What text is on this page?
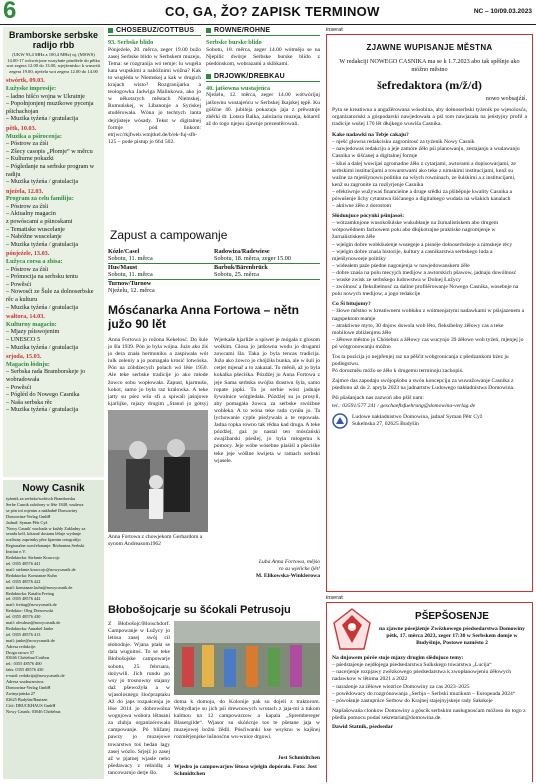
6	CO, GA, ŽO? ZAPISK TERMINOW	NC – 10/09.03.2023
Bramborske serbske radijo rbb
(UKW 93,4 MHz a 100,4 MHz) nj. (MSWS) 14.00-17 wótwórjone wusyłańe póndźele do pětka wot zegera 12.00 do 13.00, srjejźenisko: k wuswiśi zegera 19.00, njeźela wot zegera 12.00 do 14.00
stwórtk, 09.03.
Łužyske impresije:
– ladno hišćo wojna w Ukrainje
– Popołnjonjenj muzikowe pycenja pšichachojan
– Muzika tyźeńa / gratulacija
pětk, 10.03.
Muzika a pśirocenja:
– Póstrow za źiśi
– Zšecy casopis „Płomje“ w měrcu
– Kulturne pokazki
– Pógledanje na serbske program w radiju
– Muzika tyźeńa / gratulacija
njeźela, 12.03.
Program za celu familiju:
– Póstrow za źiśi
– Aktualny magacin
z powóscami a pśinoskami
– Tematiske wuscelanje
– Nabóžne wuscelanje
– Muzika tyźeńa / gratulacija
pónjeźele, 13.03.
Łužyca corsa a zbisa:
– Póstrow za źiśi
– Prómocija na serbsku tentu
– Powěsći
– Nowosći ze Šule za dolnoserbske rěc a kulturu
– Muzika tyźeńa / gratulacija
wałtora, 14.03.
Kulturny magacin:
– Mjazy pśiswojenim
– UNESCO 5
– Muzika tyźeńa / gratulacija
srjoda, 15.03.
Magacin łódnju:
– Serbska rada Bramborskeje jo wobradowała
– Powěsći
– Pógléd do Nowego Casnika
– Naša serbska rěc
– Muzika tyźeńa / gratulacija
Nowy Casnik
tyźenik za serbske/sorbisch Bramborsku
Serbe Casnik založony w lěśe 1848, wudawa
se pón toś mjenim a nakładně Domowiny
Domowina-Verlag GmbH
Jadnař: Syman Pětr Cyž
'Nowy Casnik' wuchada w kuždy Zakladny za
seradu kelf, kótaraž dostanu léšuje wydanje
rozlistny zaprimky přez kjarnim ortografijo
Regionalne rozsčelonanje: Rödarnina Serbski
Institut e.V.
Redaktorka: Stefanie Krawcojc
tel. 0355 48576 441
mail: stefanie.krawcojc@nowycasnik.de
Redaktorka: Konstanze Kuhn
tel. 0355 48576 422
mail: konstanze.kuhn@nowycasnik.de
Redaktorka: Katalin Freitag
tel. 0355 48576 442
mail: freitag@nowycasnik.de
Redaktor: Oleg Dresrowski
tel. 0355 48576 430
mail: olesdrun@nowycasnik.de
Redaktorka: Annabel Janke
tel. 0355 48576 413
mail: janke@nowycasnik.de
Adresa redakcije:
Droga szowo 57
03046 Chóśebuz/Cottbus
tel.: 0355 48576 400
faks: 0355 48576 430
e-mail: redakcija@nowycasnik.de
Adresa wudawarstwa:
Domowina-Verlag GmbH
Zwinyrjańska 27
02625 Budyšin/Bautzen
Ciść: DRUCKHAUS GmbH
Nowy Casnik: 03046 Chóśebuz
CHÓŚEBUZ/COTTBUS
93. Serbske blido
Pónjeźele, 20. měrca, zeger 19.00 bužo zasej Serbske blido w Serbskem muzeju. Tema: se rozgranija wó temje: lu wugéla kata wupskimi a nabóžnimi wóžna? Kak to wugléda w Niemskej a kak w drugich krajach wisto? Rozgranijarka a teologowka Jadwiga Malinkowa, ako jo w někotarych městach Niemskej, Rumuńskej, w Libanonje a Syriskej studěrowała. Wóna jo techtych lanta dejrjisteje wósady. Tekst w digitalnej formje pód linkom: etrjwc/rkjfweb.wmjtkel.de/b/ek-fuj-sfh-125 – pode pistup jo 664 502.
ROWNE/ROHNE
Serbske burske blido
Sobotu, 18. měrca, zeger 14.00 wótmějo se na Njepilic dwórje Serbske burske blido z pśedónskom, wobrazami a skibkami.
DRJOWK/DREBKAU
40. jatšowna wustajeńca
Njeźelu, 12. měrca, zeger 14.00 wótwórijuj jatšownu wustajeńcu w Serbskej Ikajskej tępě. Ku góšćne 40. jubileja pokazuju jaja z prěwatnje zběrki dr. Lotara Balka, zalożaria muzeja, kótarež až do togo njejsu zjawnje prezentěrowali.
Zapust a campowanje
Kózle/Casel	Radowiza/Radewiese
Sobotu, 11. měrca	Sobotu, 18. měrca, zeger 15.00
Hus/Maust	Barbuk/Bärenbrück
Sobotu, 11. měrca	Sobotu, 25. měrca
Turnow/Turnow
Njeźelu, 12. měrca
Mósćanarka Anna Fortowa – nětn južo 90 lět
Anna Fortowa jo rožona Kekelosć. Do šule jo šla 1939. Pón jo byla wójna. Jużo ako źiś jo dera znała hermoniku a zaspiwała wót lulk zeleniy a jo pomagała krosić lotwóska. Pón na zóbdźecych polach wó lěśe 1950. Ale teke serbske tradicije jo ako młode žowco sobu wopłowała. Zapust, kjarmušu, kokot, samo jo była raz kralowka. A teke jatty su pśez wšu sfi a spiwali jaśnjowe kjarlijke, mjazy drugim „Stanul jo gótsyj
Anna Fortowa z chowjekom Gerhardom a synom Andreasom1962
Wjerkaše kjarliže a spiwet je mógała z glosom wolkim. Glosa jo jatšowna wodu jo drugami zowcami šla. Taka jo byla tencas tradicija. Južo ako źowco jo chójźiła bunka, ale w šuli jo cetjet mjenař a to zakazal. To měnił, až jo byla kokalka pšeciśka. Pózdźej jo Anna Fortowa z jeje Sama serbska swójba drastwu šyla, samo ropate jopki. To jo serbie wóst jadnaje šywalnice wótgledała. Pózdźej su jo prosyli, aby pomagała žowca za serbske swóźbne wobleka. A to wóna teke rada cyniła jo. Ta lychowanie cyple pśeźywała a te repowała. Jadna ropka rowno tak rědna kad druga. A teke pózdźej, gaż jo nastal ten mósćański swajźbarski pśeślej, jo byla młogemu k pomocy. Jeje wóbe wósebne plaśiśi a pšeciśke teke jeje wóšlne kwijeta w ramach serbski wjasele.
Luba Anna Fortowa, mějśo
to su wjelicke ljět!
M. Elikowska-Winklerowa
Błobošojcarje su šćokali Petrusoju
Z Błobošojc/Bloischdorf. Campowanje w Łužycy jo letosa zasej swój cil słobodnje. Wjana ptała se dala wugnitoś. To se teke Błobošojske campowarje sobotu, 25. februara, dożywili. Jich rundu po wsy jo trosnowny stajany daž pšewožyła a w wjasolosnego šloćpraptaku
Až do japs rozpalcenja je lěse 2014 jo dobrowólna wognjowa wobora lětasani za zlubja organizérowała campowanje. Pó bližatej pawzy jo muzejowe towarstwo toś hedan lagy zasej wózlo. Srjejź jo zasej až w pjatnej wjasle nebo pšedawacy z rešnidlą a tancowarnjo derje šlo.
doma k domoju, do Kolonije pak su dojeli z traktorom. Wobydlarje su jich pśi drewnowych wrotach z jaja-mi a tukom kalmou na 12 campowarzow a kapala „Sprembereger Blasergilde“. Wjasor su skóńcnje tos te pšetane jaja w muzejowej božni žědli. Pósćiwanki kse wsyknu w kajšnej rozměrjenjske lušnosćnu wu-wnice drgowi.
Jost Schmidtchen
Wjedro jo campowarjow lětosa wjelgin dopórało. Foto: Jost Schmidtchen
inserat
ZJAWNE WUPISANJE MĚSTNA
W redakciji NOWEGO CASNIKA ma se k 1.7.2023 abo tak spěšnje ako móžno městno
šefredaktora (m/ž/d)
nowo wobsajźiś.
Pyta se kreatiwna a angažěrowana wósobina, aby dołnoserbski tyźenik po wjesolosća, organizatoriski a góspodarski nawjedowała a pśi tom nawjazała na jeństyjny profil a tradicije wušej 170 lět dłujkego wuwiša Casnika.
Kake nadawki na Tebje cakaju?
– nješć głowna redakcisku zagronitosć za tyźenik Nowy Casnik
– nawjedowaś redakciju a jeje zamóre źěło pśi planowanju, zestajanju a wudawanju Casnika w śišćanej a digitalnej formje
– kšuś a dalej wuwijaś zgromadne źěło z cytarjami, awtorami a dopisowarjami, ze serbskimi institucijami a towarstwami ako teke z nimskimi institucijami, kenž su wažne za mjeńšynowu politiku na wšych rowninach, ze šulskimi a z institucijami, kenž su zagronite za rozšyrjenje Casnika
– efektiwnje wužywaś financielne a druge srědki za pšiběpnje kwality Casnika a pówušenje lichy cytatstwa šiśćanego a digitalnego wudaśa na wšakich kanalach
– aktiwne źěło z dorostom
Słóduujuce pócynki pśinjasoš:
– wótzamknjone wusokošulske wukubłanje na žurnalistiskem abo drugem wótpowědnem fachowem polu abo dłujkotrajne praktiske nagromjenje w žurnalistiskem źěle
– wjelgin dobre wobkšuśenje wusegeje a pisnéje dołnoserbskeje a nimskeje rěcy
– wjelgin dobre znaśa historije, kultury a casnikarstwa serbskego luda a mjeńšynowoeje politiky
– wideałem paźe pśedne nagonjenja w nawjedowanskem źěle
– dobre znaśa na polu mecyjch medijow a awtorskich pšawow, jadnaju dowólnosć
– wuske zwisk ze serbskego ludowstwa w Dolnej Łužycy
– zwólnosć a fleksibelnosć za daline profilěrowanje Nowego Casnika, wosebnje na polu nowych medijow, a jogo redakcije
Co Śi bitujomy?
– žłowe městno w kreatiwnem wobłuku z wótmenjatymi nadawkami w pśisjazenem a nagspektom teamje
– atraktiwne myto, 30 dnjow dowola wob lěto, fleksibelny źěłowy cas a teke mobilowe zbliżenjmu źěło
– źěłowe městno jo Chóśebuz a źěłowy cas wucynjo 39 źěłowe wob tyźeń, mjenjej jo pó wótgronowanju móžno
Tos ta pozicija jo nejpřenjej raz na pěšćit wobgronicanja z pšedzankom bźez ju podlegstwu.
Pó dorozměu móžo se źěło k drugemu terminoju zachopiś.
Zajmce das zapodaju swójopšobu a swóu koncepciju za wuwažowanje Casnika z pśedlonu až do 2. apryla 2023 na jadnartstw Ludowego nakładnistwa Domowina.
Pśi pšašanjach nas zazwoń abo pšiš nam:
tel.: 03591/577 241 / geschaeftsfuehrung@domowina-verlag.de
Ludowe nakładnistwo Domowina, jadnař Syman Pětr Cyž
Sukelnska 27, 02625 Budyšin
inserat
PŠEPŠOSENJE
na zjawne pósejźenje Zwězkowego pśedsedarstwa Domowiny pětk, 17. měrca 2023, zeger 17:30 w Serbskem domje w Budyšinje, Postowe naměsto 2
Na dnjowem pórěe stoje mjazy drugim slědujuce temy:
– pśedstajenje nejdłojega pśedsedarstwa Sulkskego towarstwa „Lucija“
– nacerjenje rozpjawy zwězkowego pśedsedarstwa k zwopłanowjeniu źěłowych nadawkow w lětoma 2021 a 2022
– naraźenje za źěłowe wiezrice Domowiny za cas 2023–2025
– powědowacy do rozgrónowanja „Serbja – Serbski muzikum – Europeada 2024“
– pówołanje zastupnice Serbow do Krajnej stajejnyjskeje rady Sakskeje
Napšašowańa clonkow Domowiny a góscik serbskim nasługnosćam móžoso do togo z pšedla pomocu podaś sekretariat@domowina.de.
Dawid Statnik, pśedsedar
